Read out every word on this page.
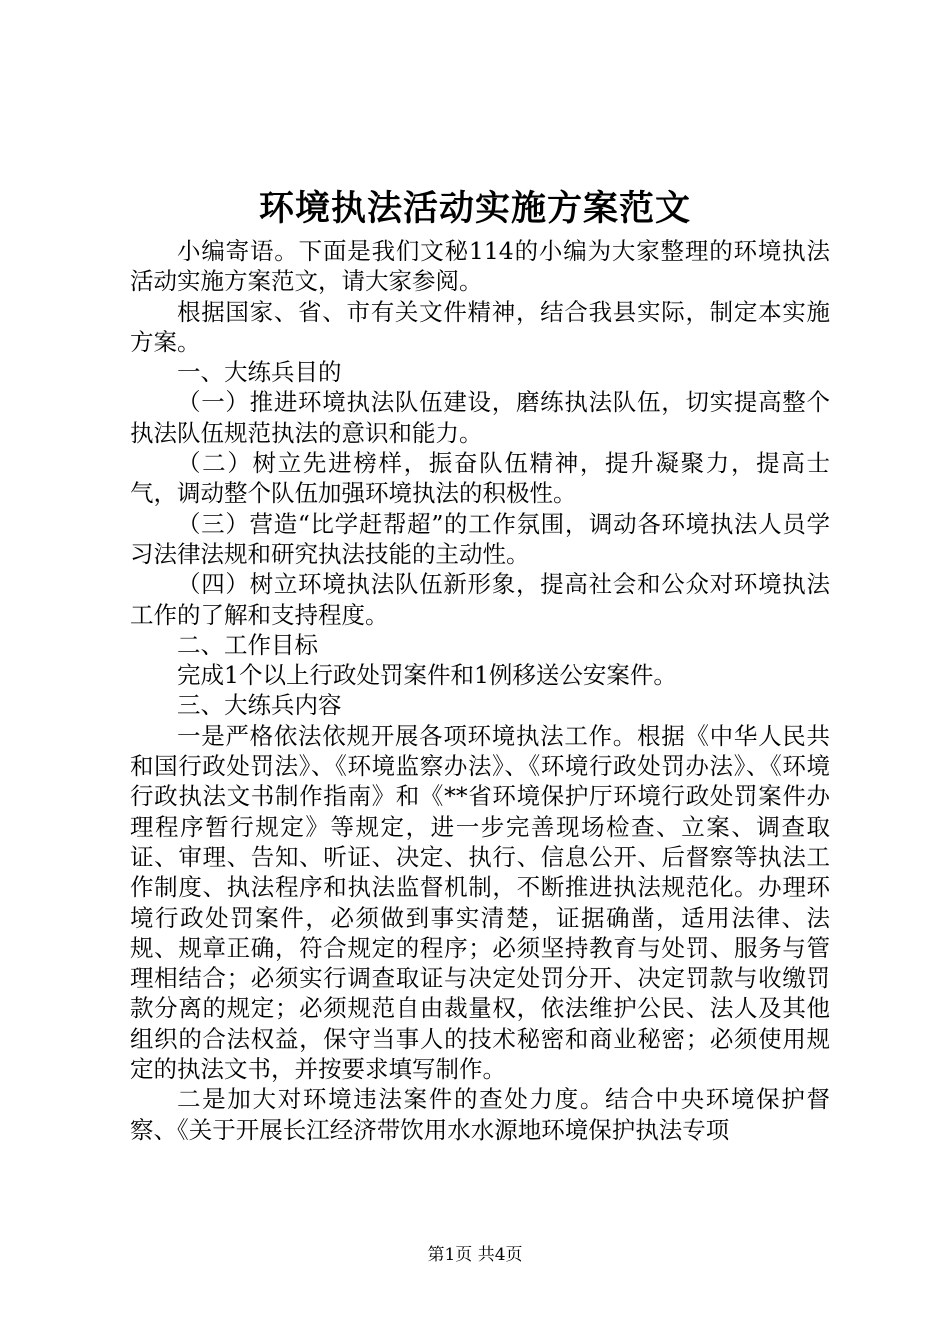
环境执法活动实施方案范文

小编寄语。下面是我们文秘114的小编为大家整理的环境执法活动实施方案范文，请大家参阅。

根据国家、省、市有关文件精神，结合我县实际，制定本实施方案。

一、大练兵目的

（一）推进环境执法队伍建设，磨练执法队伍，切实提高整个执法队伍规范执法的意识和能力。

（二）树立先进榜样，振奋队伍精神，提升凝聚力，提高士气，调动整个队伍加强环境执法的积极性。

（三）营造“比学赶帮超”的工作氛围，调动各环境执法人员学习法律法规和研究执法技能的主动性。

（四）树立环境执法队伍新形象，提高社会和公众对环境执法工作的了解和支持程度。

二、工作目标

完成1个以上行政处罚案件和1例移送公安案件。

三、大练兵内容

一是严格依法依规开展各项环境执法工作。根据《中华人民共和国行政处罚法》、《环境监察办法》、《环境行政处罚办法》、《环境行政执法文书制作指南》和《**省环境保护厅环境行政处罚案件办理程序暂行规定》等规定，进一步完善现场检查、立案、调查取证、审理、告知、听证、决定、执行、信息公开、后督察等执法工作制度、执法程序和执法监督机制，不断推进执法规范化。办理环境行政处罚案件，必须做到事实清楚，证据确凿，适用法律、法规、规章正确，符合规定的程序；必须坚持教育与处罚、服务与管理相结合；必须实行调查取证与决定处罚分开、决定罚款与收缴罚款分离的规定；必须规范自由裁量权，依法维护公民、法人及其他组织的合法权益，保守当事人的技术秘密和商业秘密；必须使用规定的执法文书，并按要求填写制作。

二是加大对环境违法案件的查处力度。结合中央环境保护督察、《关于开展长江经济带饮用水水源地环境保护执法专项

第1页 共4页
